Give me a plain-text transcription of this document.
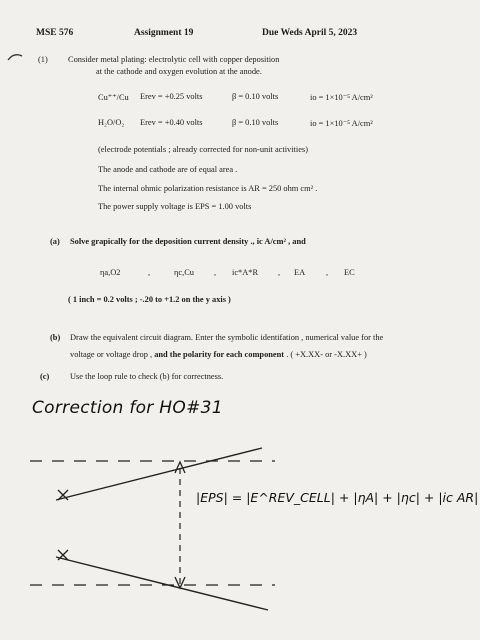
MSE 576	Assignment 19	Due Weds April 5, 2023
(1) Consider metal plating: electrolytic cell with copper deposition
at the cathode and oxygen evolution at the anode.
Cu⁺⁺/Cu Erev = +0.25 volts	β = 0.10 volts	io = 1×10⁻⁵ A/cm²
H₂O/O₂ Erev = +0.40 volts	β = 0.10 volts	io = 1×10⁻⁵ A/cm²
(electrode potentials ; already corrected for non-unit activities)
The anode and cathode are of equal area .
The internal ohmic polarization resistance is AR = 250 ohm cm² .
The power supply voltage is EPS = 1.00 volts
(a) Solve grapically for the deposition current density ., ic A/cm² , and
ηa,O2	,	ηc,Cu , ic*A*R , EA , EC
( 1 inch = 0.2 volts ; -.20 to +1.2 on the y axis )
(b) Draw the equivalent circuit diagram. Enter the symbolic identifation , numerical value for the
voltage or voltage drop , and the polarity for each component . ( +X.XX- or -X.XX+ )
(c) Use the loop rule to check (b) for correctness.
Correction for HO#31
|EPS| = |E^REV_CELL| + |ηA| + |ηc| + |ic AR|
